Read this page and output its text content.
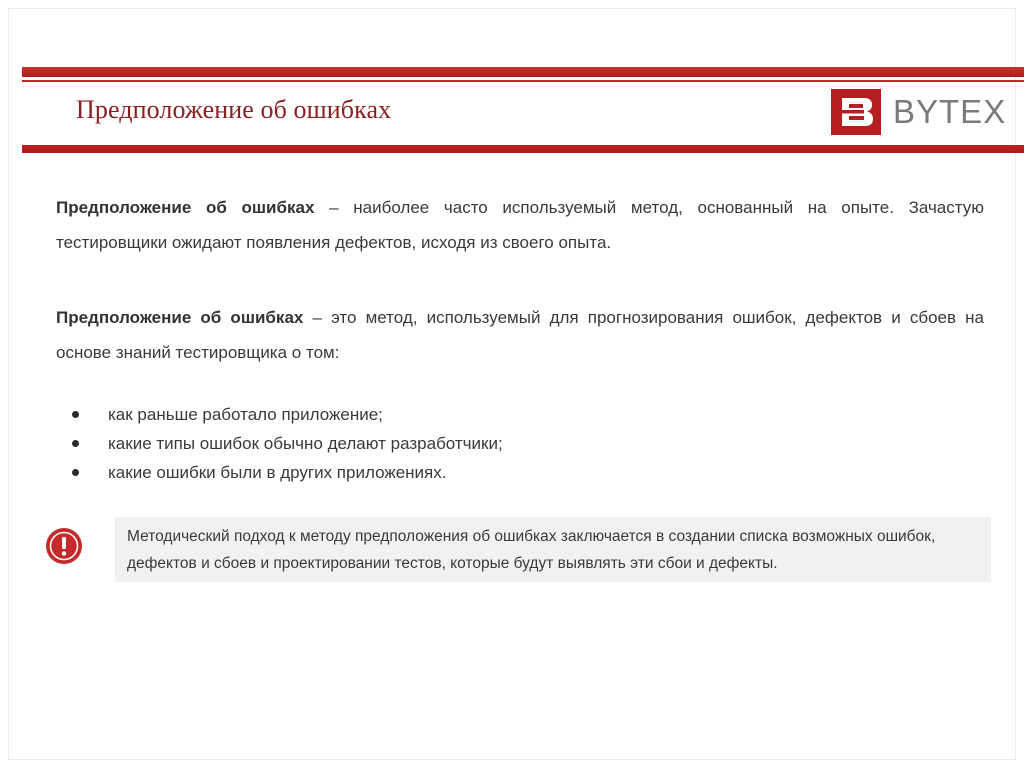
Предположение об ошибках	BYTEX
Предположение об ошибках – наиболее часто используемый метод, основанный на опыте. Зачастую тестировщики ожидают появления дефектов, исходя из своего опыта.
Предположение об ошибках – это метод, используемый для прогнозирования ошибок, дефектов и сбоев на основе знаний тестировщика о том:
как раньше работало приложение;
какие типы ошибок обычно делают разработчики;
какие ошибки были в других приложениях.
Методический подход к методу предположения об ошибках заключается в создании списка возможных ошибок, дефектов и сбоев и проектировании тестов, которые будут выявлять эти сбои и дефекты.
